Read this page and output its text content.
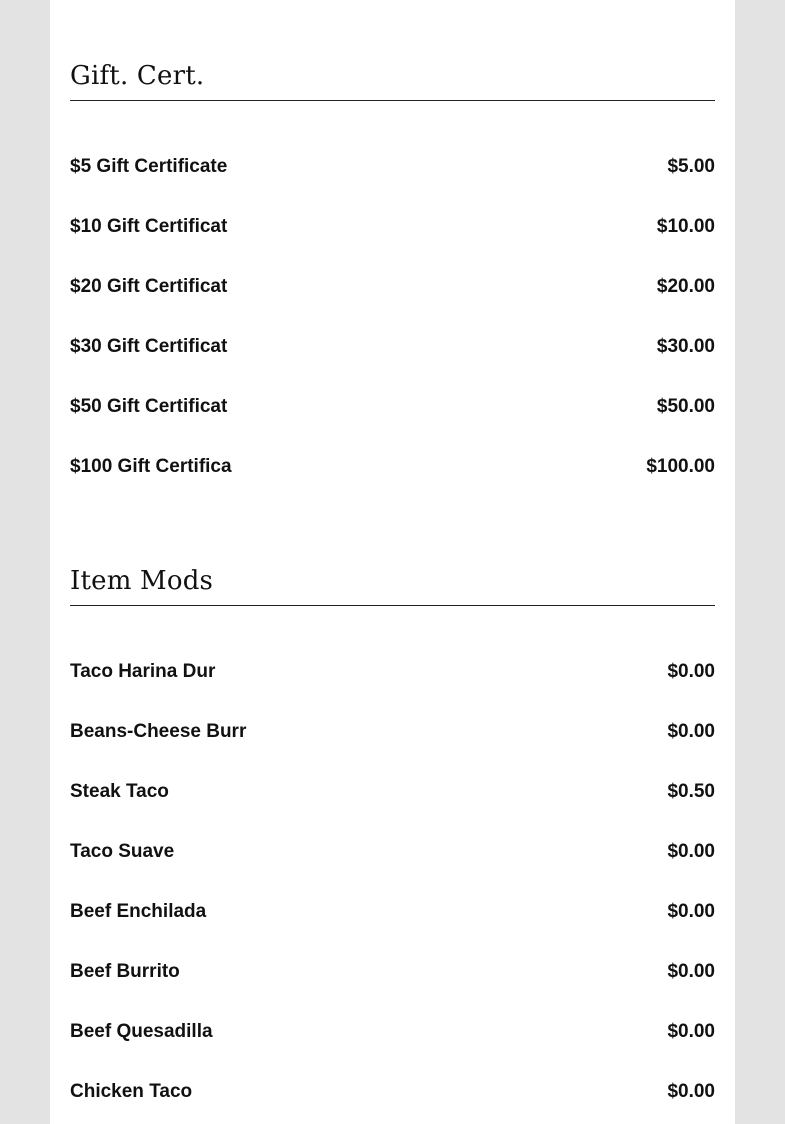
Gift. Cert.
$5 Gift Certificate	$5.00
$10 Gift Certificat	$10.00
$20 Gift Certificat	$20.00
$30 Gift Certificat	$30.00
$50 Gift Certificat	$50.00
$100 Gift Certifica	$100.00
Item Mods
Taco Harina Dur	$0.00
Beans-Cheese Burr	$0.00
Steak Taco	$0.50
Taco Suave	$0.00
Beef Enchilada	$0.00
Beef Burrito	$0.00
Beef Quesadilla	$0.00
Chicken Taco	$0.00
